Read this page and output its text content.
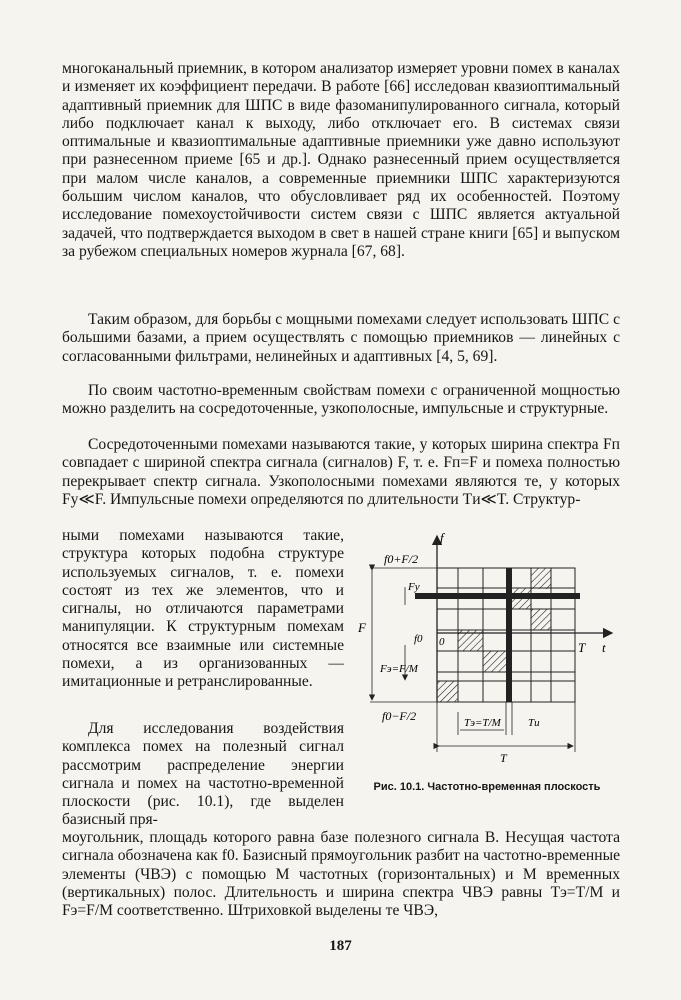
многоканальный приемник, в котором анализатор измеряет уровни помех в каналах и изменяет их коэффициент передачи. В работе [66] исследован квазиоптимальный адаптивный приемник для ШПС в виде фазоманипулированного сигнала, который либо подключает канал к выходу, либо отключает его. В системах связи оптимальные и квазиоптимальные адаптивные приемники уже давно используют при разнесенном приеме [65 и др.]. Однако разнесенный прием осуществляется при малом числе каналов, а современные приемники ШПС характеризуются большим числом каналов, что обусловливает ряд их особенностей. Поэтому исследование помехоустойчивости систем связи с ШПС является актуальной задачей, что подтверждается выходом в свет в нашей стране книги [65] и выпуском за рубежом специальных номеров журнала [67, 68].

Таким образом, для борьбы с мощными помехами следует использовать ШПС с большими базами, а прием осуществлять с помощью приемников — линейных с согласованными фильтрами, нелинейных и адаптивных [4, 5, 69].

По своим частотно-временным свойствам помехи с ограниченной мощностью можно разделить на сосредоточенные, узкополосные, импульсные и структурные.

Сосредоточенными помехами называются такие, у которых ширина спектра Fп совпадает с шириной спектра сигнала (сигналов) F, т. е. Fп=F и помеха полностью перекрывает спектр сигнала. Узкополосными помехами являются те, у которых Fу≪F. Импульсные помехи определяются по длительности Tи≪T. Структур-

ными помехами называются такие, структура которых подобна структуре используемых сигналов, т. е. помехи состоят из тех же элементов, что и сигналы, но отличаются параметрами манипуляции. К структурным помехам относятся все взаимные или системные помехи, а из организованных — имитационные и ретранслированные.

Для исследования воздействия комплекса помех на полезный сигнал рассмотрим распределение энергии сигнала и помех на частотно-временной плоскости (рис. 10.1), где выделен базисный пря-

моугольник, площадь которого равна базе полезного сигнала B. Несущая частота сигнала обозначена как f0. Базисный прямоугольник разбит на частотно-временные элементы (ЧВЭ) с помощью M частотных (горизонтальных) и M временных (вертикальных) полос. Длительность и ширина спектра ЧВЭ равны Tэ=T/M и Fэ=F/M соответственно. Штриховкой выделены те ЧВЭ,

f
t
T
f0+F/2
f0−F/2
Fу
f0 0
Fэ=F/M
F
Tэ=T/M Tи
T
Рис. 10.1. Частотно-временная плоскость
187
